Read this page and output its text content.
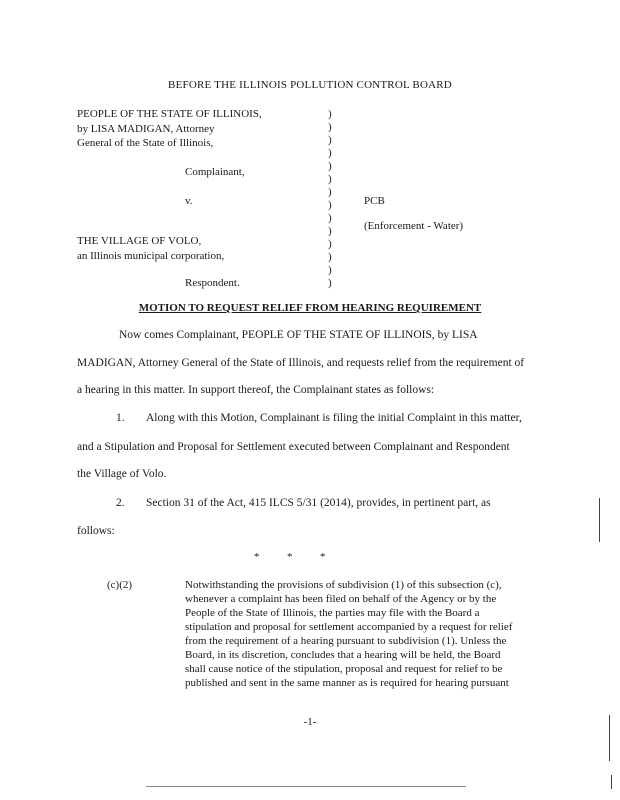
BEFORE THE ILLINOIS POLLUTION CONTROL BOARD
PEOPLE OF THE STATE OF ILLINOIS,
by LISA MADIGAN, Attorney
General of the State of Illinois,
Complainant,
v.
THE VILLAGE OF VOLO,
an Illinois municipal corporation,
Respondent.
)
)
)
)
)
)
)
)
)
)
)
)
)
)
PCB
(Enforcement - Water)
MOTION TO REQUEST RELIEF FROM HEARING REQUIREMENT
Now comes Complainant, PEOPLE OF THE STATE OF ILLINOIS, by LISA
MADIGAN, Attorney General of the State of Illinois, and requests relief from the requirement of
a hearing in this matter. In support thereof, the Complainant states as follows:
1. Along with this Motion, Complainant is filing the initial Complaint in this matter,
and a Stipulation and Proposal for Settlement executed between Complainant and Respondent
the Village of Volo.
2. Section 31 of the Act, 415 ILCS 5/31 (2014), provides, in pertinent part, as
follows:
*          *          *
(c)(2)	Notwithstanding the provisions of subdivision (1) of this subsection (c),
whenever a complaint has been filed on behalf of the Agency or by the
People of the State of Illinois, the parties may file with the Board a
stipulation and proposal for settlement accompanied by a request for relief
from the requirement of a hearing pursuant to subdivision (1). Unless the
Board, in its discretion, concludes that a hearing will be held, the Board
shall cause notice of the stipulation, proposal and request for relief to be
published and sent in the same manner as is required for hearing pursuant
-1-
